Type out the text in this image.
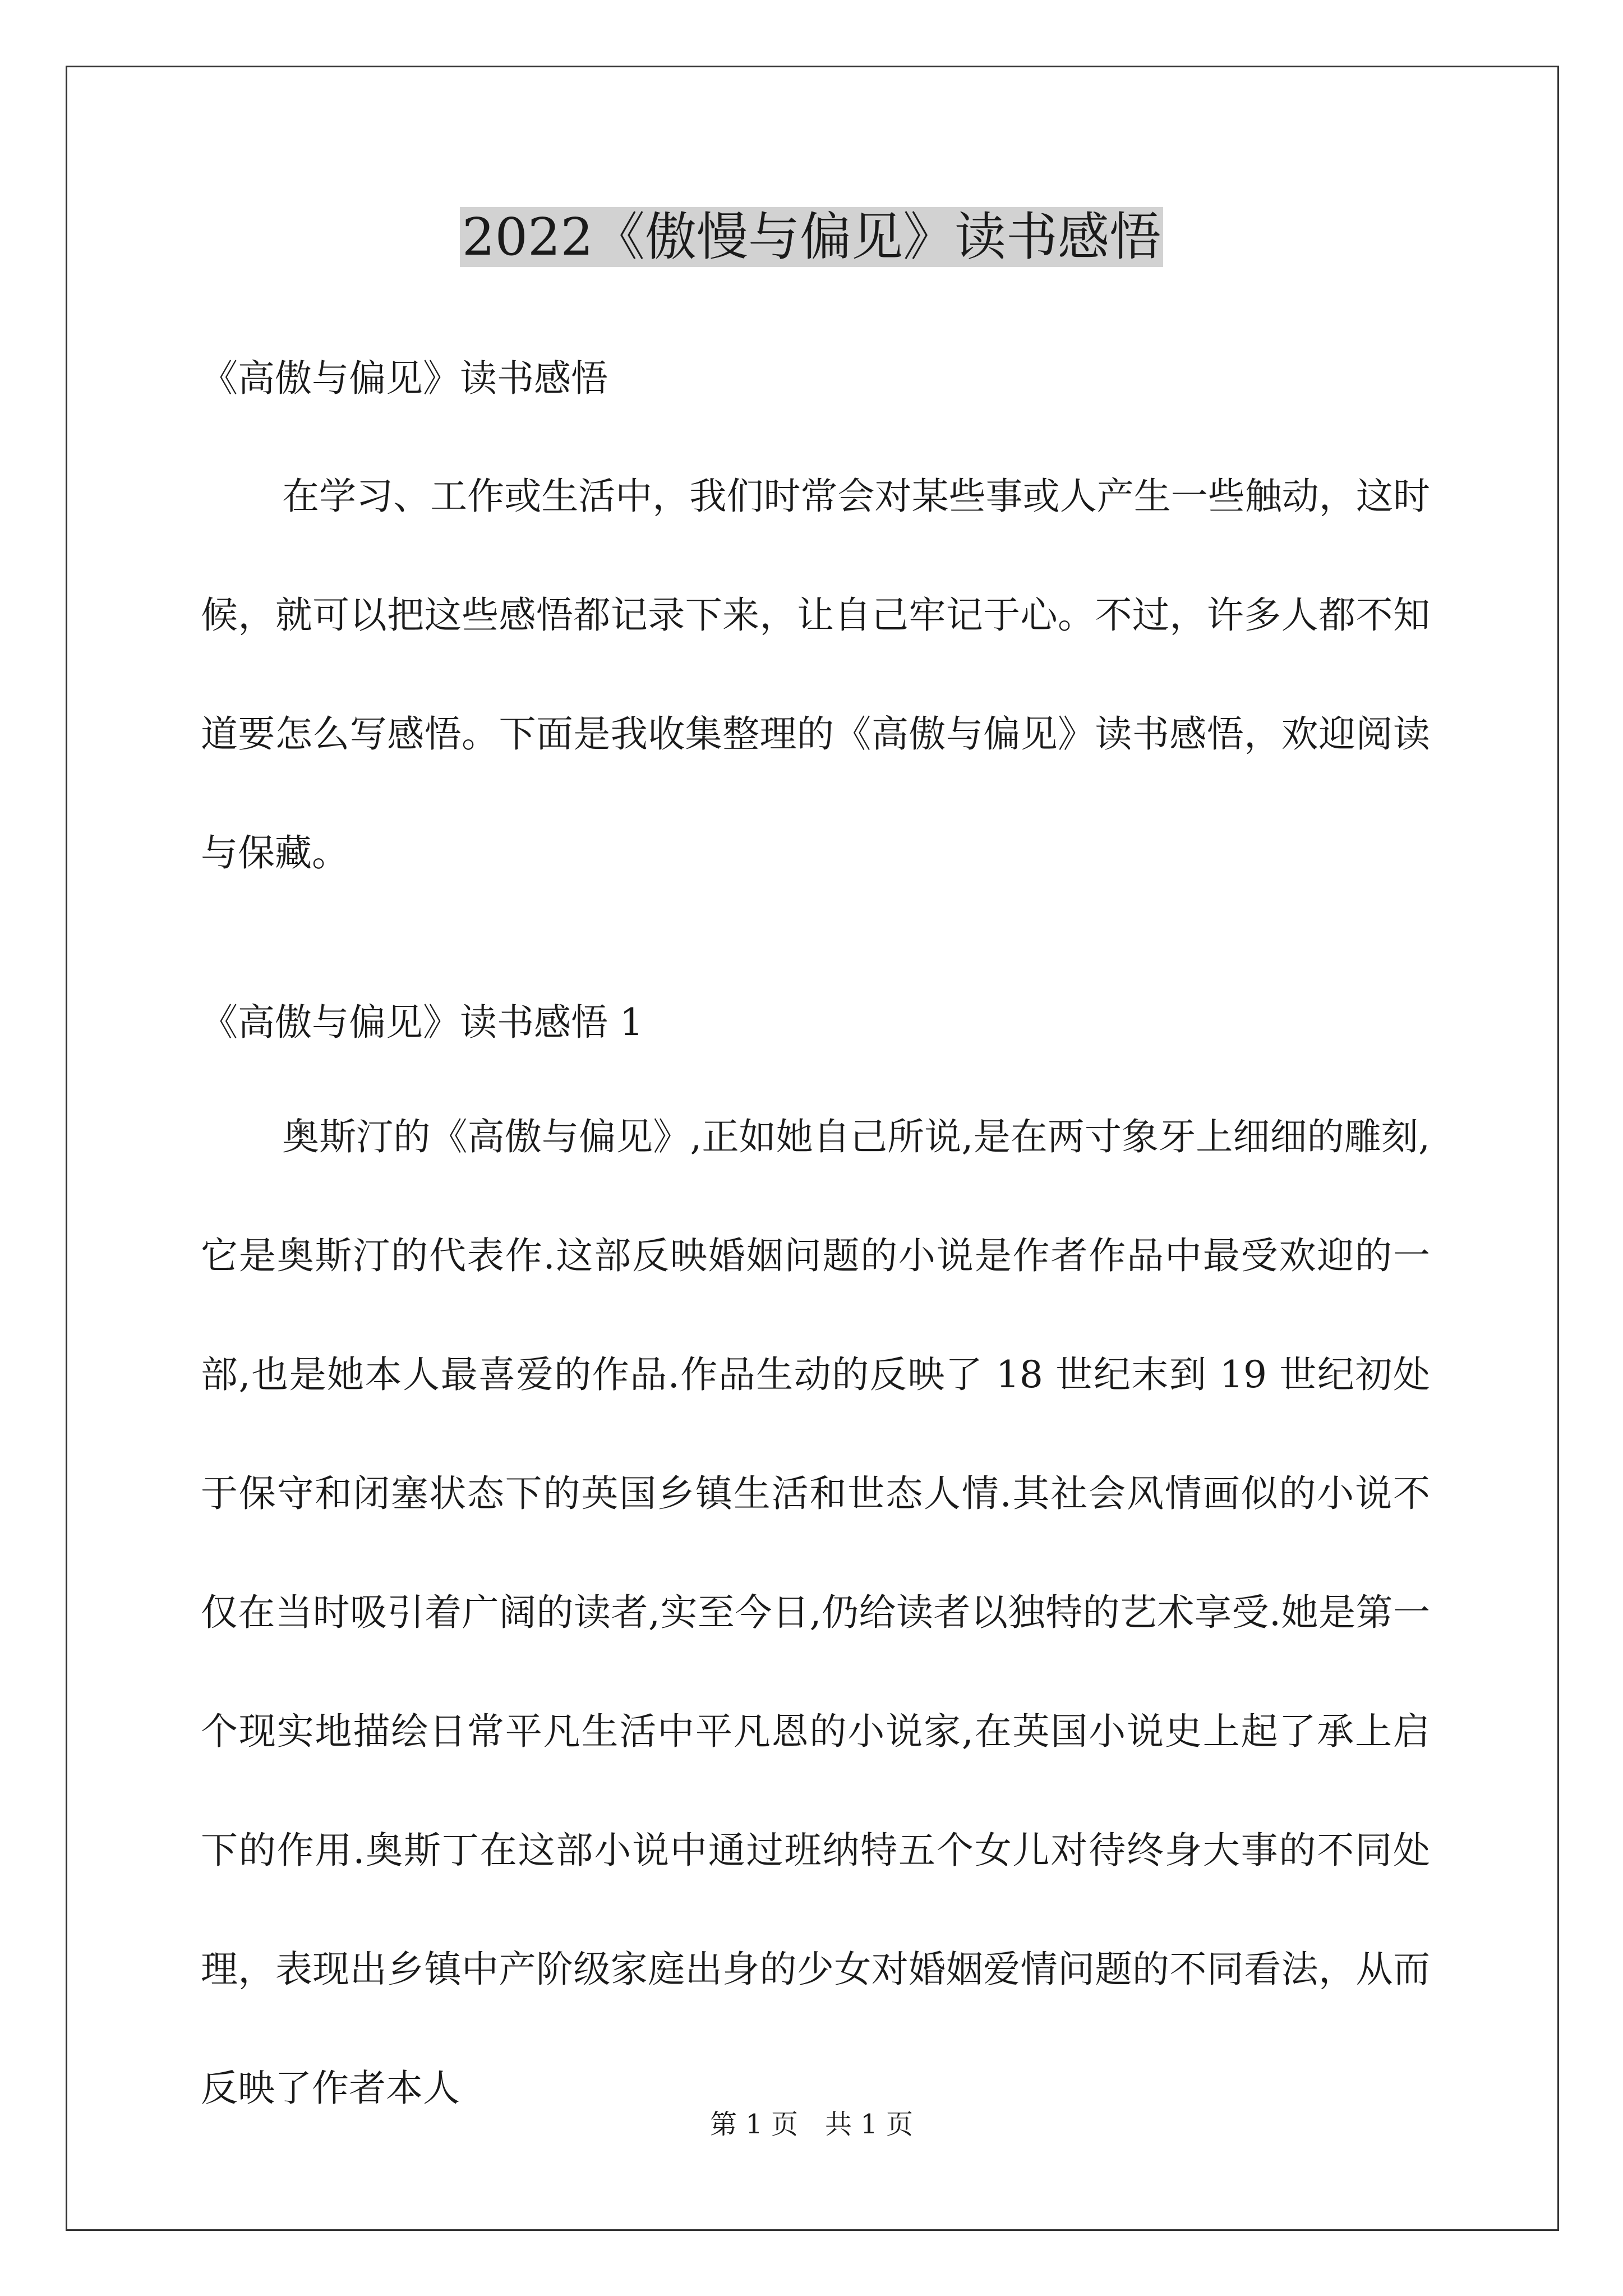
2022《傲慢与偏见》读书感悟
《高傲与偏见》读书感悟

在学习、工作或生活中，我们时常会对某些事或人产生一些触动，这时候，就可以把这些感悟都记录下来，让自己牢记于心。不过，许多人都不知道要怎么写感悟。下面是我收集整理的《高傲与偏见》读书感悟，欢迎阅读与保藏。

《高傲与偏见》读书感悟 1

奥斯汀的《高傲与偏见》,正如她自己所说,是在两寸象牙上细细的雕刻,它是奥斯汀的代表作.这部反映婚姻问题的小说是作者作品中最受欢迎的一部,也是她本人最喜爱的作品.作品生动的反映了 18 世纪末到 19 世纪初处于保守和闭塞状态下的英国乡镇生活和世态人情.其社会风情画似的小说不仅在当时吸引着广阔的读者,实至今日,仍给读者以独特的艺术享受.她是第一个现实地描绘日常平凡生活中平凡恩的小说家,在英国小说史上起了承上启下的作用.奥斯丁在这部小说中通过班纳特五个女儿对待终身大事的不同处理，表现出乡镇中产阶级家庭出身的少女对婚姻爱情问题的不同看法，从而反映了作者本人

第 1 页　共 1 页
